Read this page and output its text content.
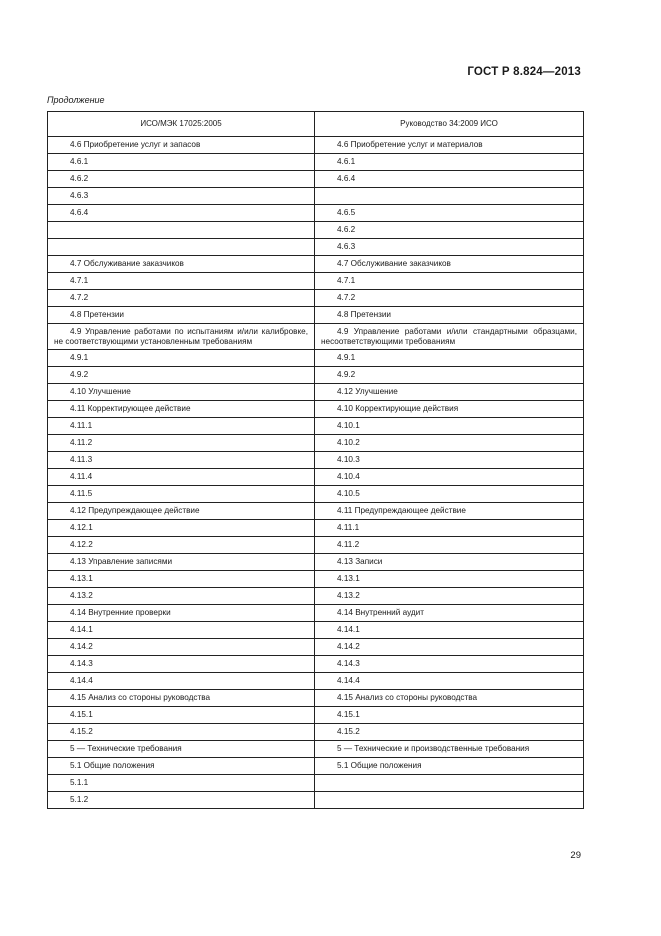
ГОСТ Р 8.824—2013
Продолжение
ИСО/МЭК 17025:2005	Руководство 34:2009 ИСО
4.6 Приобретение услуг и запасов	4.6 Приобретение услуг и материалов
4.6.1	4.6.1
4.6.2	4.6.4
4.6.3	
4.6.4	4.6.5
	4.6.2
	4.6.3
4.7 Обслуживание заказчиков	4.7 Обслуживание заказчиков
4.7.1	4.7.1
4.7.2	4.7.2
4.8 Претензии	4.8 Претензии
4.9 Управление работами по испытаниям и/или калибровке, не соответствующими установленным требованиям	4.9 Управление работами и/или стандартными образцами, несоответствующими требованиям
4.9.1	4.9.1
4.9.2	4.9.2
4.10 Улучшение	4.12 Улучшение
4.11 Корректирующее действие	4.10 Корректирующие действия
4.11.1	4.10.1
4.11.2	4.10.2
4.11.3	4.10.3
4.11.4	4.10.4
4.11.5	4.10.5
4.12 Предупреждающее действие	4.11 Предупреждающее действие
4.12.1	4.11.1
4.12.2	4.11.2
4.13 Управление записями	4.13 Записи
4.13.1	4.13.1
4.13.2	4.13.2
4.14 Внутренние проверки	4.14 Внутренний аудит
4.14.1	4.14.1
4.14.2	4.14.2
4.14.3	4.14.3
4.14.4	4.14.4
4.15 Анализ со стороны руководства	4.15 Анализ со стороны руководства
4.15.1	4.15.1
4.15.2	4.15.2
5 — Технические требования	5 — Технические и производственные требования
5.1 Общие положения	5.1 Общие положения
5.1.1	
5.1.2	
29
